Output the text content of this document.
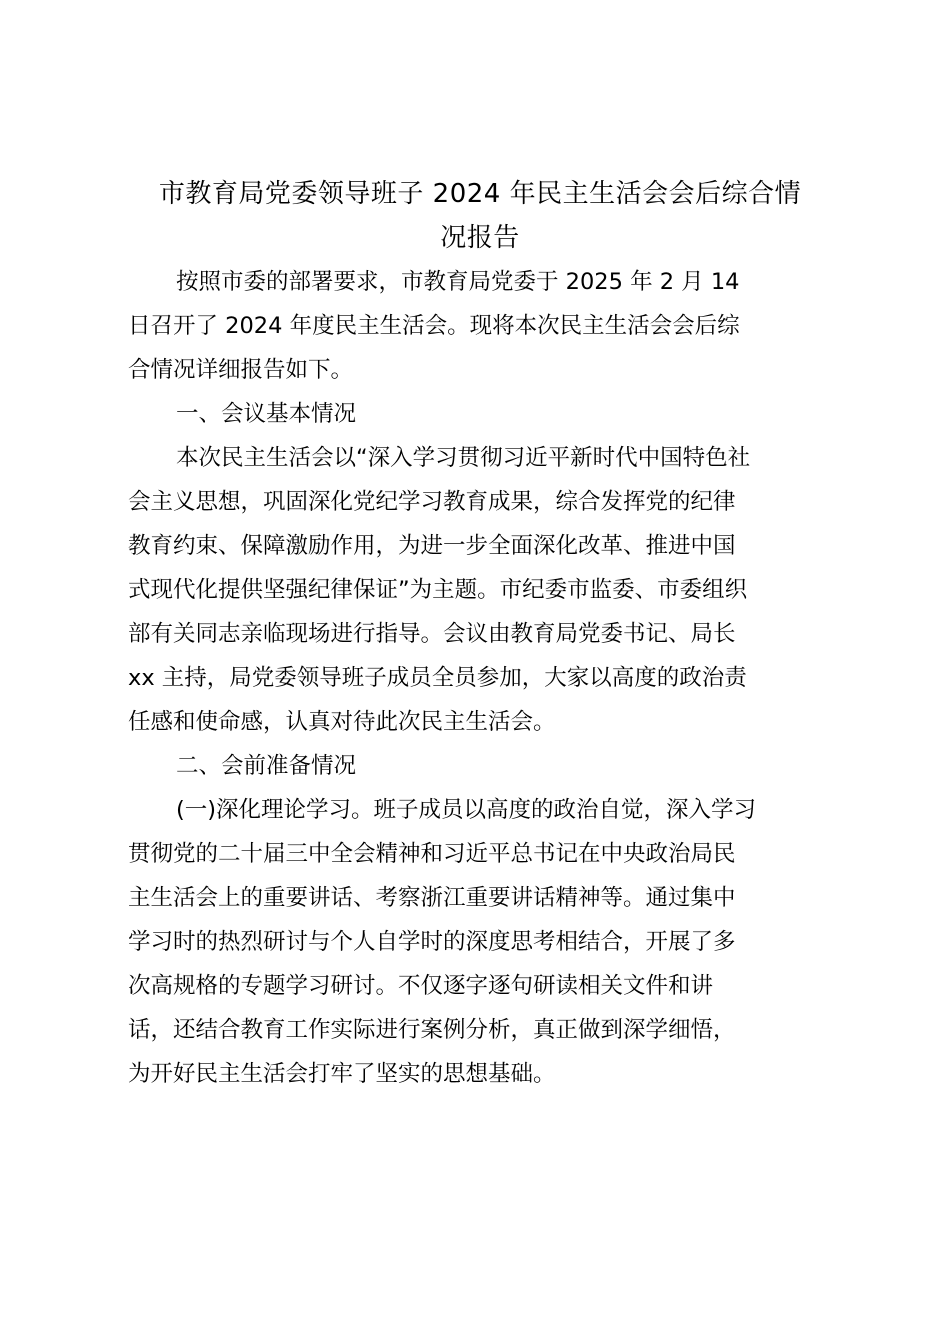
市教育局党委领导班子 2024 年民主生活会会后综合情
况报告

按照市委的部署要求，市教育局党委于 2025 年 2 月 14

日召开了 2024 年度民主生活会。现将本次民主生活会会后综

合情况详细报告如下。

一、会议基本情况

本次民主生活会以“深入学习贯彻习近平新时代中国特色社

会主义思想，巩固深化党纪学习教育成果，综合发挥党的纪律

教育约束、保障激励作用，为进一步全面深化改革、推进中国

式现代化提供坚强纪律保证”为主题。市纪委市监委、市委组织

部有关同志亲临现场进行指导。会议由教育局党委书记、局长

xx 主持，局党委领导班子成员全员参加，大家以高度的政治责

任感和使命感，认真对待此次民主生活会。

二、会前准备情况

(一)深化理论学习。班子成员以高度的政治自觉，深入学习

贯彻党的二十届三中全会精神和习近平总书记在中央政治局民

主生活会上的重要讲话、考察浙江重要讲话精神等。通过集中

学习时的热烈研讨与个人自学时的深度思考相结合，开展了多

次高规格的专题学习研讨。不仅逐字逐句研读相关文件和讲

话，还结合教育工作实际进行案例分析，真正做到深学细悟，

为开好民主生活会打牢了坚实的思想基础。
